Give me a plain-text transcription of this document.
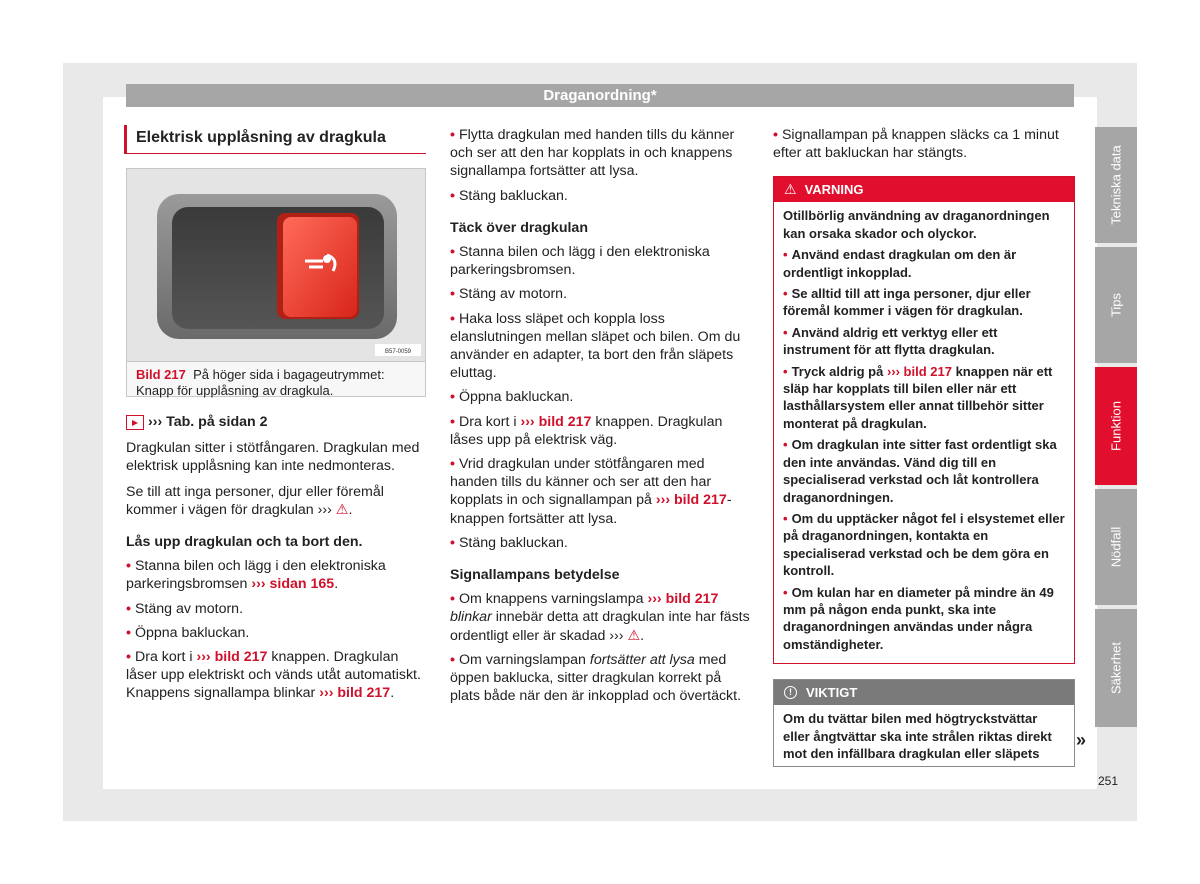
Draganordning*
Elektrisk upplåsning av dragkula
B57-0059
Bild 217 På höger sida i bagageutrymmet: Knapp för upplåsning av dragkula.
››› Tab. på sidan 2

Dragkulan sitter i stötfångaren. Dragkulan med elektrisk upplåsning kan inte nedmonteras.

Se till att inga personer, djur eller föremål kommer i vägen för dragkulan ››› ⚠.

Lås upp dragkulan och ta bort den.
• Stanna bilen och lägg i den elektroniska parkeringsbromsen ››› sidan 165.
• Stäng av motorn.
• Öppna bakluckan.
• Dra kort i ››› bild 217 knappen. Dragkulan låser upp elektriskt och vänds utåt automatiskt. Knappens signallampa blinkar ››› bild 217.
• Flytta dragkulan med handen tills du känner och ser att den har kopplats in och knappens signallampa fortsätter att lysa.
• Stäng bakluckan.
Täck över dragkulan
• Stanna bilen och lägg i den elektroniska parkeringsbromsen.
• Stäng av motorn.
• Haka loss släpet och koppla loss elanslutningen mellan släpet och bilen. Om du använder en adapter, ta bort den från släpets eluttag.
• Öppna bakluckan.
• Dra kort i ››› bild 217 knappen. Dragkulan låses upp på elektrisk väg.
• Vrid dragkulan under stötfångaren med handen tills du känner och ser att den har kopplats in och signallampan på ››› bild 217-knappen fortsätter att lysa.
• Stäng bakluckan.
Signallampans betydelse
• Om knappens varningslampa ››› bild 217 blinkar innebär detta att dragkulan inte har fästs ordentligt eller är skadad ››› ⚠.
• Om varningslampan fortsätter att lysa med öppen baklucka, sitter dragkulan korrekt på plats både när den är inkopplad och övertäckt.
• Signallampan på knappen släcks ca 1 minut efter att bakluckan har stängts.
⚠ VARNING
Otillbörlig användning av draganordningen kan orsaka skador och olyckor.
• Använd endast dragkulan om den är ordentligt inkopplad.
• Se alltid till att inga personer, djur eller föremål kommer i vägen för dragkulan.
• Använd aldrig ett verktyg eller ett instrument för att flytta dragkulan.
• Tryck aldrig på ››› bild 217 knappen när ett släp har kopplats till bilen eller när ett lasthållarsystem eller annat tillbehör sitter monterat på dragkulan.
• Om dragkulan inte sitter fast ordentligt ska den inte användas. Vänd dig till en specialiserad verkstad och låt kontrollera draganordningen.
• Om du upptäcker något fel i elsystemet eller på draganordningen, kontakta en specialiserad verkstad och be dem göra en kontroll.
• Om kulan har en diameter på mindre än 49 mm på någon enda punkt, ska inte draganordningen användas under några omständigheter.
!	VIKTIGT
Om du tvättar bilen med högtryckstvättar eller ångtvättar ska inte strålen riktas direkt mot den infällbara dragkulan eller släpets
»
Tekniska data
Tips
Funktion
Nödfall
Säkerhet
251
